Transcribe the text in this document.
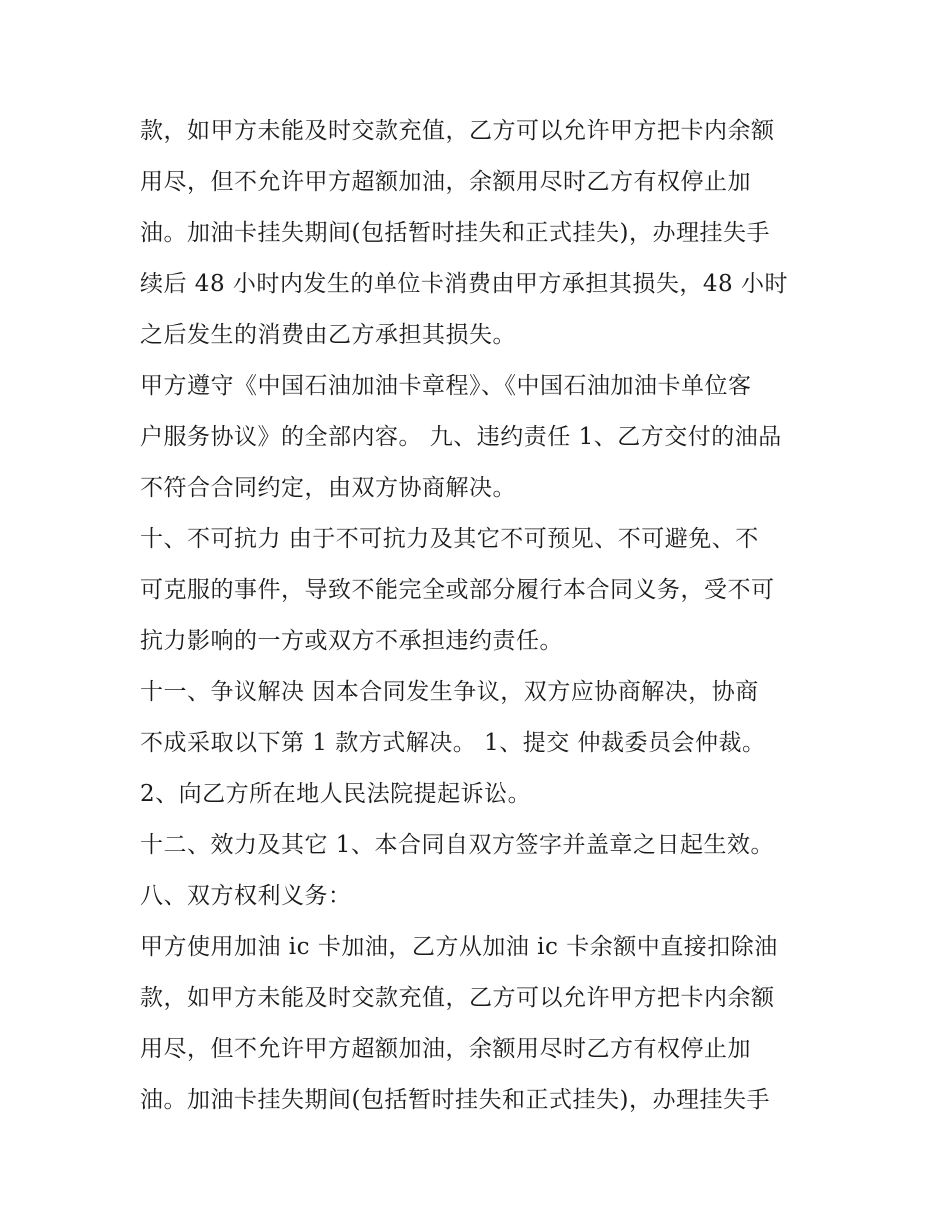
款，如甲方未能及时交款充值，乙方可以允许甲方把卡内余额
用尽，但不允许甲方超额加油，余额用尽时乙方有权停止加
油。加油卡挂失期间(包括暂时挂失和正式挂失)，办理挂失手
续后 48 小时内发生的单位卡消费由甲方承担其损失，48 小时
之后发生的消费由乙方承担其损失。
甲方遵守《中国石油加油卡章程》、《中国石油加油卡单位客
户服务协议》的全部内容。 九、违约责任 1、乙方交付的油品
不符合合同约定，由双方协商解决。
十、不可抗力 由于不可抗力及其它不可预见、不可避免、不
可克服的事件，导致不能完全或部分履行本合同义务，受不可
抗力影响的一方或双方不承担违约责任。
十一、争议解决 因本合同发生争议，双方应协商解决，协商
不成采取以下第 1 款方式解决。 1、提交 仲裁委员会仲裁。
2、向乙方所在地人民法院提起诉讼。
十二、效力及其它 1、本合同自双方签字并盖章之日起生效。
八、双方权利义务：
甲方使用加油 ic 卡加油，乙方从加油 ic 卡余额中直接扣除油
款，如甲方未能及时交款充值，乙方可以允许甲方把卡内余额
用尽，但不允许甲方超额加油，余额用尽时乙方有权停止加
油。加油卡挂失期间(包括暂时挂失和正式挂失)，办理挂失手
